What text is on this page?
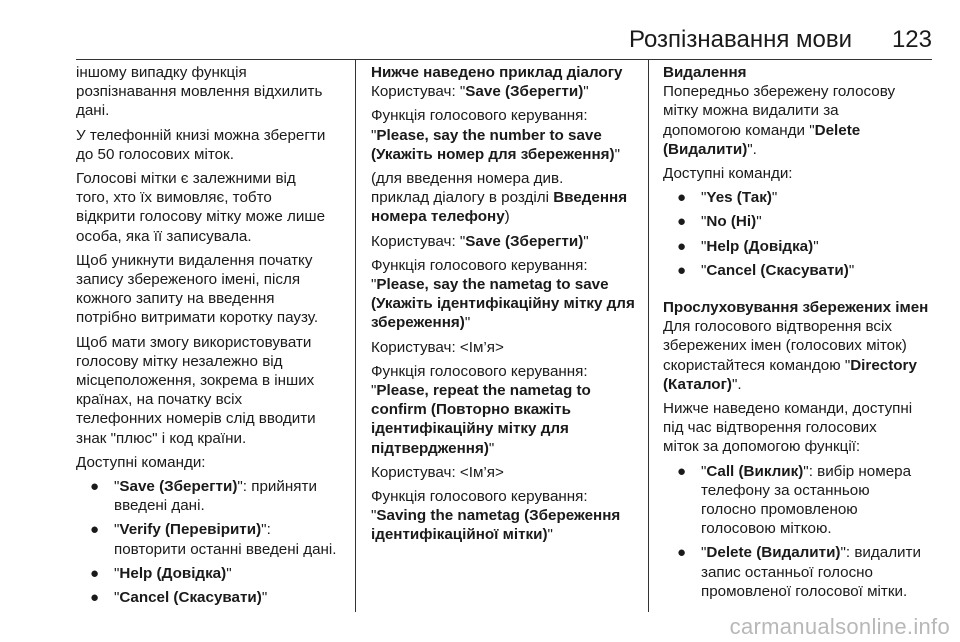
Розпізнавання мови 123
іншому випадку функція
розпізнавання мовлення відхилить
дані.
У телефонній книзі можна зберегти
до 50 голосових міток.
Голосові мітки є залежними від
того, хто їх вимовляє, тобто
відкрити голосову мітку може лише
особа, яка її записувала.
Щоб уникнути видалення початку
запису збереженого імені, після
кожного запиту на введення
потрібно витримати коротку паузу.
Щоб мати змогу використовувати
голосову мітку незалежно від
місцеположення, зокрема в інших
країнах, на початку всіх
телефонних номерів слід вводити
знак "плюс" і код країни.
Доступні команди:
● "Save (Зберегти)": прийняти
введені дані.
● "Verify (Перевірити)":
повторити останні введені дані.
● "Help (Довідка)"
● "Cancel (Скасувати)"
Нижче наведено приклад діалогу
Користувач: "Save (Зберегти)"
Функція голосового керування:
"Please, say the number to save
(Укажіть номер для збереження)"
(для введення номера див.
приклад діалогу в розділі Введення
номера телефону)
Користувач: "Save (Зберегти)"
Функція голосового керування:
"Please, say the nametag to save
(Укажіть ідентифікаційну мітку для
збереження)"
Користувач: <Ім’я>
Функція голосового керування:
"Please, repeat the nametag to
confirm (Повторно вкажіть
ідентифікаційну мітку для
підтвердження)"
Користувач: <Ім’я>
Функція голосового керування:
"Saving the nametag (Збереження
ідентифікаційної мітки)"
Видалення
Попередньо збережену голосову
мітку можна видалити за
допомогою команди "Delete
(Видалити)".
Доступні команди:
● "Yes (Так)"
● "No (Ні)"
● "Help (Довідка)"
● "Cancel (Скасувати)"
Прослуховування збережених імен
Для голосового відтворення всіх
збережених імен (голосових міток)
скористайтеся командою "Directory
(Каталог)".
Нижче наведено команди, доступні
під час відтворення голосових
міток за допомогою функції:
● "Call (Виклик)": вибір номера
телефону за останньою
голосно промовленою
голосовою міткою.
● "Delete (Видалити)": видалити
запис останньої голосно
промовленої голосової мітки.
carmanualsonline.info
